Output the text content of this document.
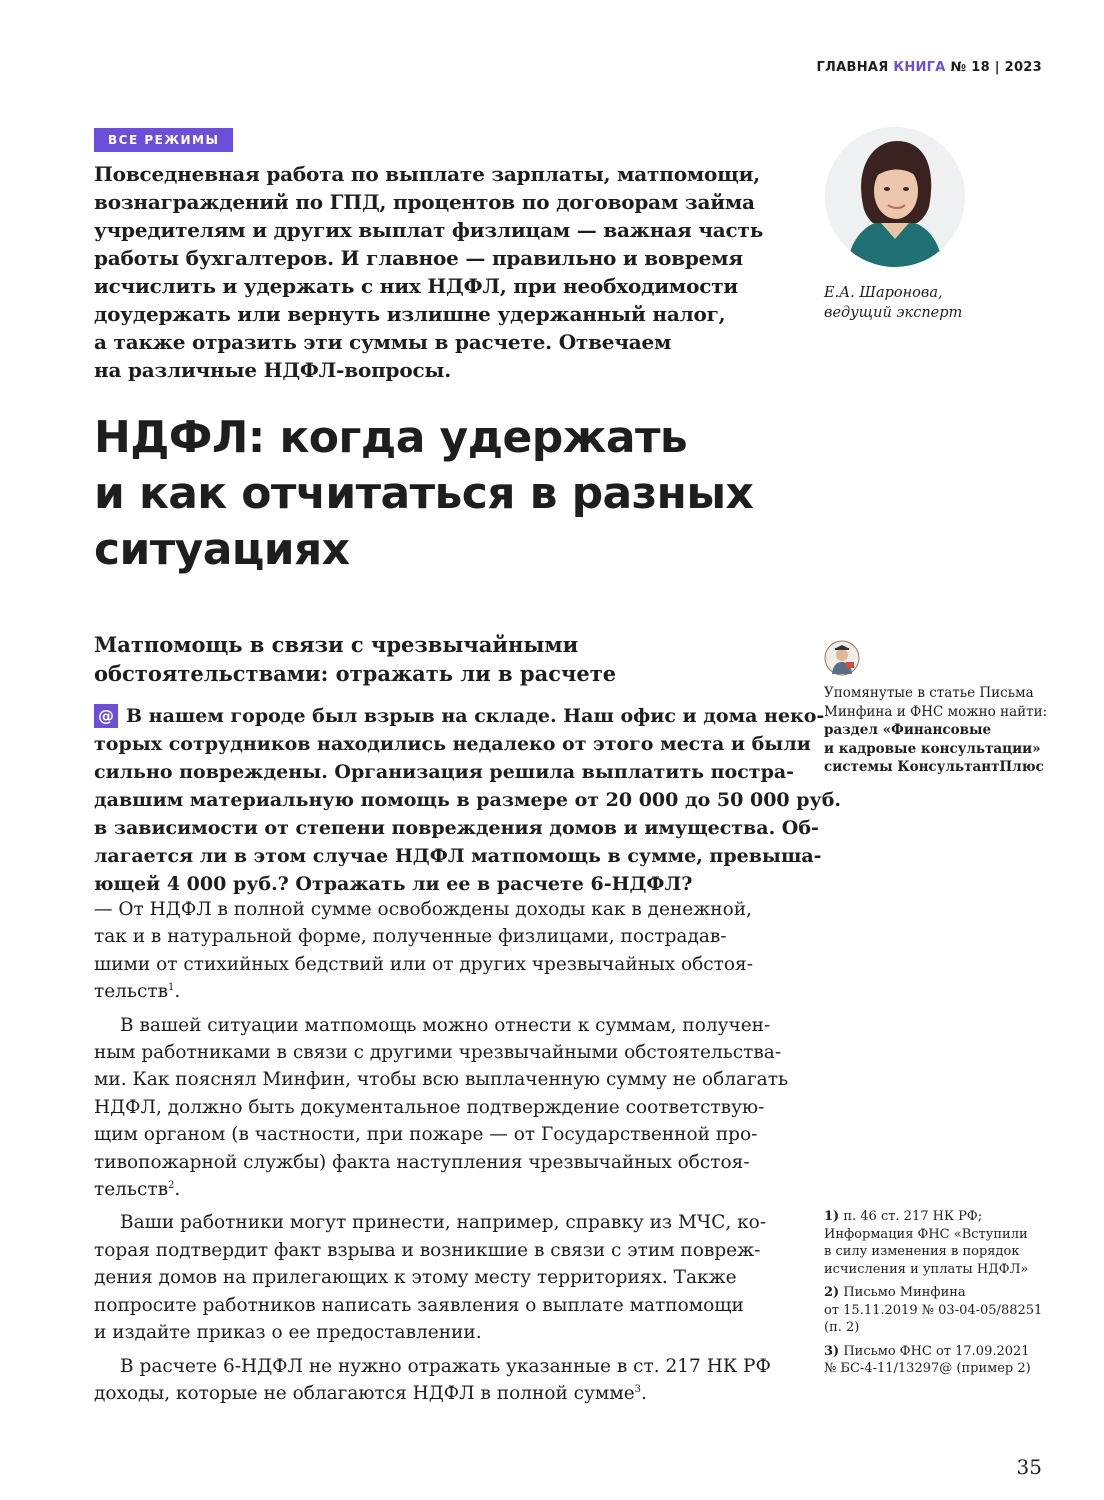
ГЛАВНАЯ КНИГА № 18 | 2023
ВСЕ РЕЖИМЫ
Повседневная работа по выплате зарплаты, матпомощи,
вознаграждений по ГПД, процентов по договорам займа
учредителям и других выплат физлицам — важная часть
работы бухгалтеров. И главное — правильно и вовремя
исчислить и удержать с них НДФЛ, при необходимости
доудержать или вернуть излишне удержанный налог,
а также отразить эти суммы в расчете. Отвечаем
на различные НДФЛ-вопросы.
Е.А. Шаронова,
ведущий эксперт
НДФЛ: когда удержать
и как отчитаться в разных
ситуациях
Матпомощь в связи с чрезвычайными
обстоятельствами: отражать ли в расчете
Упомянутые в статье Письма
Минфина и ФНС можно найти:
раздел «Финансовые
и кадровые консультации»
системы КонсультантПлюс
@ В нашем городе был взрыв на складе. Наш офис и дома неко-
торых сотрудников находились недалеко от этого места и были
сильно повреждены. Организация решила выплатить постра-
давшим материальную помощь в размере от 20 000 до 50 000 руб.
в зависимости от степени повреждения домов и имущества. Об-
лагается ли в этом случае НДФЛ матпомощь в сумме, превыша-
ющей 4 000 руб.? Отражать ли ее в расчете 6-НДФЛ?

— От НДФЛ в полной сумме освобождены доходы как в денежной,
так и в натуральной форме, полученные физлицами, пострадав-
шими от стихийных бедствий или от других чрезвычайных обстоя-
тельств$^1$.

В вашей ситуации матпомощь можно отнести к суммам, получен-
ным работниками в связи с другими чрезвычайными обстоятельства-
ми. Как пояснял Минфин, чтобы всю выплаченную сумму не облагать
НДФЛ, должно быть документальное подтверждение соответствую-
щим органом (в частности, при пожаре — от Государственной про-
тивопожарной службы) факта наступления чрезвычайных обстоя-
тельств$^2$.

Ваши работники могут принести, например, справку из МЧС, ко-
торая подтвердит факт взрыва и возникшие в связи с этим повреж-
дения домов на прилегающих к этому месту территориях. Также
попросите работников написать заявления о выплате матпомощи
и издайте приказ о ее предоставлении.

В расчете 6-НДФЛ не нужно отражать указанные в ст. 217 НК РФ
доходы, которые не облагаются НДФЛ в полной сумме$^3$.

1) п. 46 ст. 217 НК РФ;
Информация ФНС «Вступили
в силу изменения в порядок
исчисления и уплаты НДФЛ»
2) Письмо Минфина
от 15.11.2019 № 03-04-05/88251
(п. 2)
3) Письмо ФНС от 17.09.2021
№ БС-4-11/13297@ (пример 2)
35
